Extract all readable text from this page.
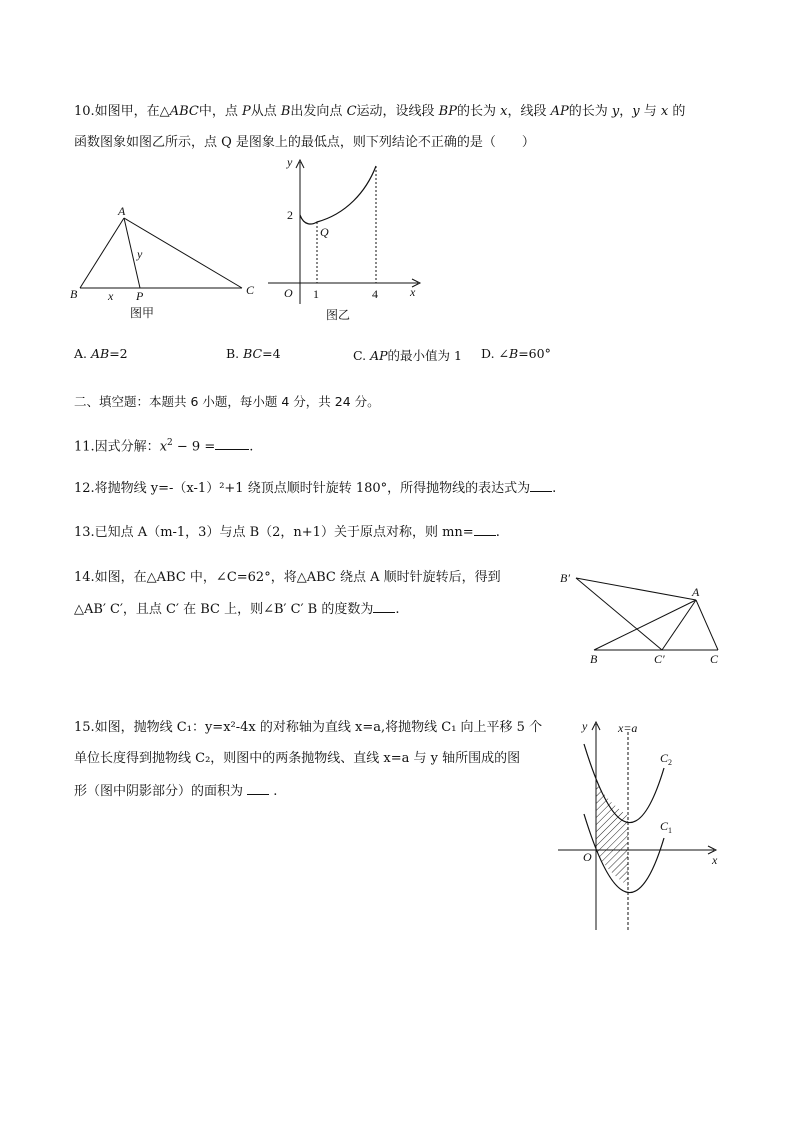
10.如图甲，在△ABC中，点 P从点 B出发向点 C运动，设线段 BP的长为 x，线段 AP的长为 y，y 与 x 的
函数图象如图乙所示，点 Q 是图象上的最低点，则下列结论不正确的是（　　）
A
B	C
P
x
y
图甲
y
x
O
2
1	4
Q
图乙
A. AB=2	B. BC=4	C. AP的最小值为 1 D. ∠B=60°
二、填空题：本题共 6 小题，每小题 4 分，共 24 分。
11.因式分解：$x^2 - 9$ =	.
12.将抛物线 y=-（x-1）²+1 绕顶点顺时针旋转 180°，所得抛物线的表达式为 .
13.已知点 A（m-1，3）与点 B（2，n+1）关于原点对称，则 mn= .
14.如图，在△ABC 中，∠C=62°，将△ABC 绕点 A 顺时针旋转后，得到
△AB′ C′，且点 C′ 在 BC 上，则∠B′ C′ B 的度数为 .
B′
A
B	C′	C
15.如图，抛物线 C₁：y=x²-4x 的对称轴为直线 x=a,将抛物线 C₁ 向上平移 5 个
单位长度得到抛物线 C₂，则图中的两条抛物线、直线 x=a 与 y 轴所围成的图
形（图中阴影部分）的面积为 .
y
x
O
x=a
$C_2$
$C_1$
